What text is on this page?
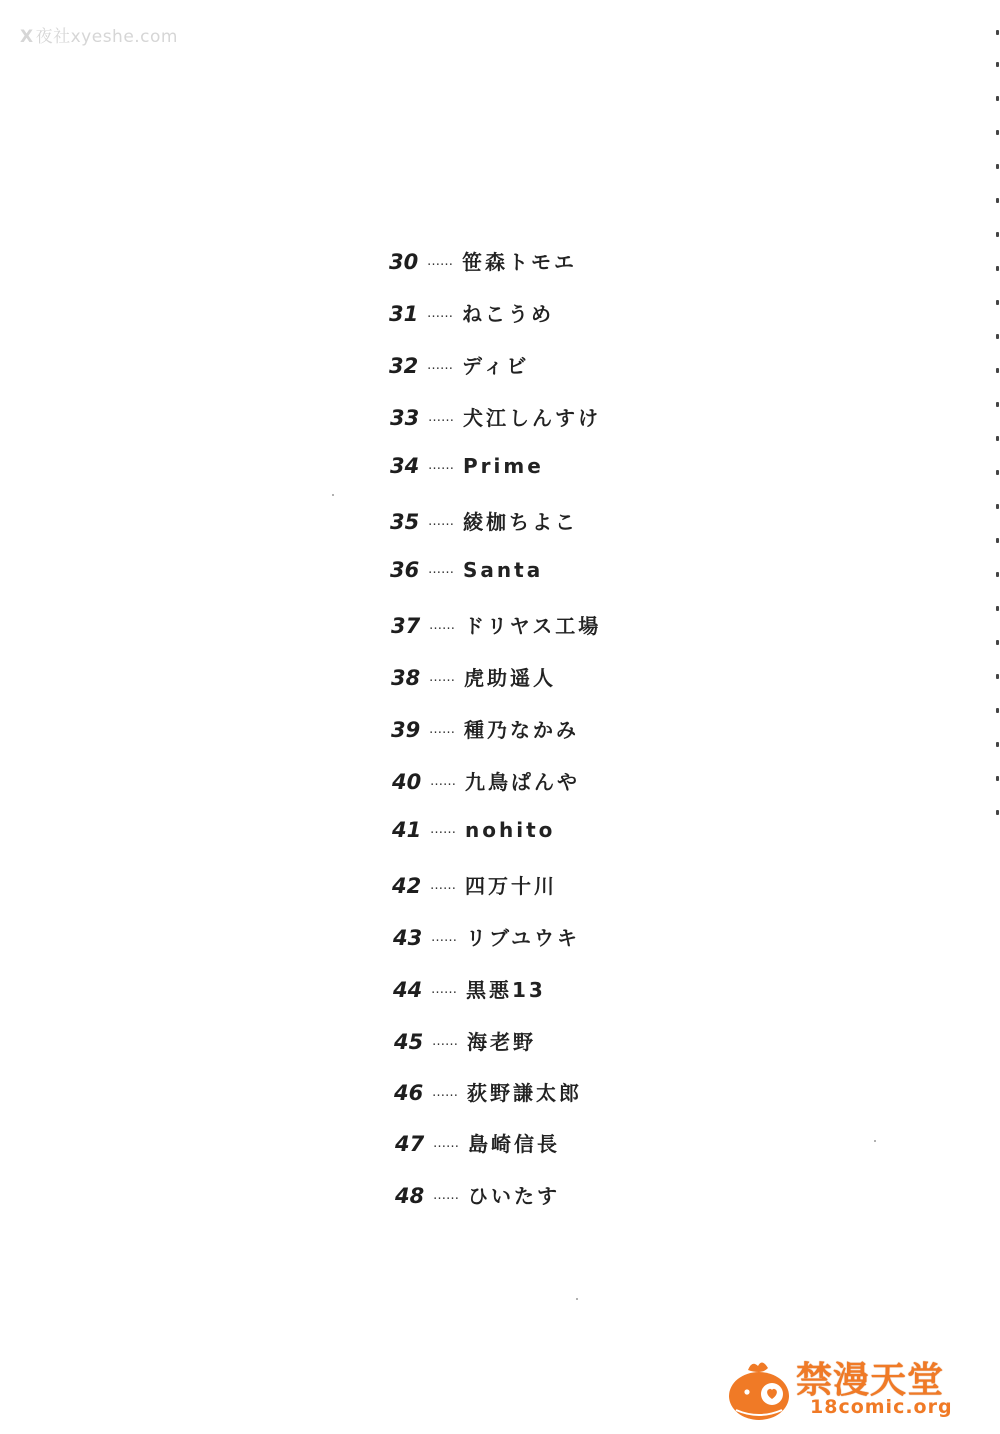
X 夜社xyeshe.com
30 …… 笹森トモエ
31 …… ねこうめ
32 …… ディビ
33 …… 犬江しんすけ
34 …… Prime
35 …… 綾枷ちよこ
36 …… Santa
37 …… ドリヤス工場
38 …… 虎助遥人
39 …… 種乃なかみ
40 …… 九鳥ぱんや
41 …… nohito
42 …… 四万十川
43 …… リブユウキ
44 …… 黒悪13
45 …… 海老野
46 …… 荻野謙太郎
47 …… 島崎信長
48 …… ひいたす
禁漫天堂
18comic.org
